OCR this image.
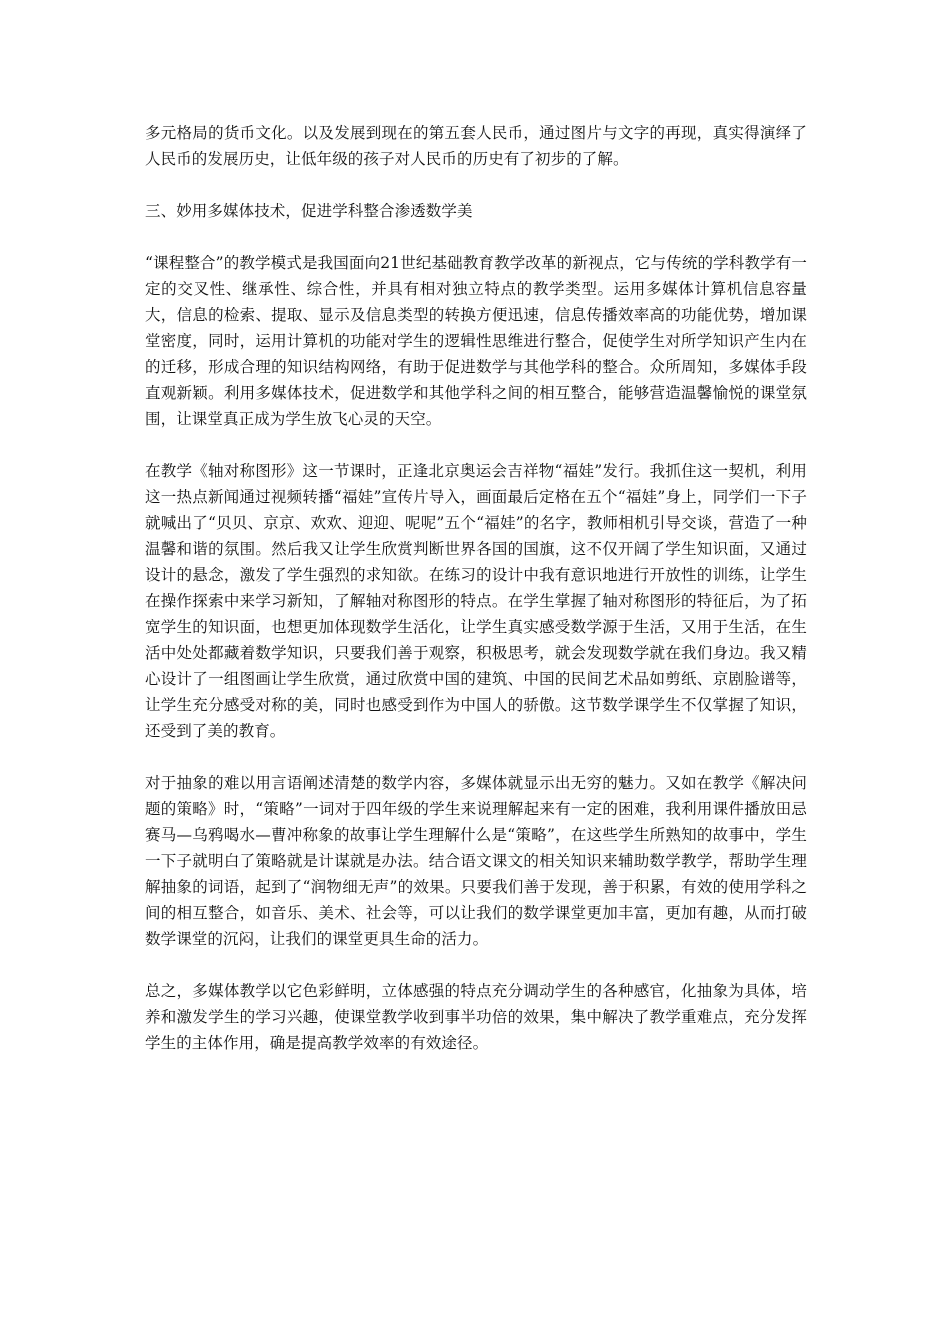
多元格局的货币文化。以及发展到现在的第五套人民币，通过图片与文字的再现，真实得演绎了人民币的发展历史，让低年级的孩子对人民币的历史有了初步的了解。

三、妙用多媒体技术，促进学科整合渗透数学美

“课程整合”的教学模式是我国面向21世纪基础教育教学改革的新视点，它与传统的学科教学有一定的交叉性、继承性、综合性，并具有相对独立特点的教学类型。运用多媒体计算机信息容量大，信息的检索、提取、显示及信息类型的转换方便迅速，信息传播效率高的功能优势，增加课堂密度，同时，运用计算机的功能对学生的逻辑性思维进行整合，促使学生对所学知识产生内在的迁移，形成合理的知识结构网络，有助于促进数学与其他学科的整合。众所周知，多媒体手段直观新颖。利用多媒体技术，促进数学和其他学科之间的相互整合，能够营造温馨愉悦的课堂氛围，让课堂真正成为学生放飞心灵的天空。

在教学《轴对称图形》这一节课时，正逢北京奥运会吉祥物“福娃”发行。我抓住这一契机，利用这一热点新闻通过视频转播“福娃”宣传片导入，画面最后定格在五个“福娃”身上，同学们一下子就喊出了“贝贝、京京、欢欢、迎迎、呢呢”五个“福娃”的名字，教师相机引导交谈，营造了一种温馨和谐的氛围。然后我又让学生欣赏判断世界各国的国旗，这不仅开阔了学生知识面，又通过设计的悬念，激发了学生强烈的求知欲。在练习的设计中我有意识地进行开放性的训练，让学生在操作探索中来学习新知，了解轴对称图形的特点。在学生掌握了轴对称图形的特征后，为了拓宽学生的知识面，也想更加体现数学生活化，让学生真实感受数学源于生活，又用于生活，在生活中处处都藏着数学知识，只要我们善于观察，积极思考，就会发现数学就在我们身边。我又精心设计了一组图画让学生欣赏，通过欣赏中国的建筑、中国的民间艺术品如剪纸、京剧脸谱等，让学生充分感受对称的美，同时也感受到作为中国人的骄傲。这节数学课学生不仅掌握了知识，还受到了美的教育。

对于抽象的难以用言语阐述清楚的数学内容，多媒体就显示出无穷的魅力。又如在教学《解决问题的策略》时，“策略”一词对于四年级的学生来说理解起来有一定的困难，我利用课件播放田忌赛马—乌鸦喝水—曹冲称象的故事让学生理解什么是“策略”，在这些学生所熟知的故事中，学生一下子就明白了策略就是计谋就是办法。结合语文课文的相关知识来辅助数学教学，帮助学生理解抽象的词语，起到了“润物细无声”的效果。只要我们善于发现，善于积累，有效的使用学科之间的相互整合，如音乐、美术、社会等，可以让我们的数学课堂更加丰富，更加有趣，从而打破数学课堂的沉闷，让我们的课堂更具生命的活力。

总之，多媒体教学以它色彩鲜明，立体感强的特点充分调动学生的各种感官，化抽象为具体，培养和激发学生的学习兴趣，使课堂教学收到事半功倍的效果，集中解决了教学重难点，充分发挥学生的主体作用，确是提高教学效率的有效途径。
